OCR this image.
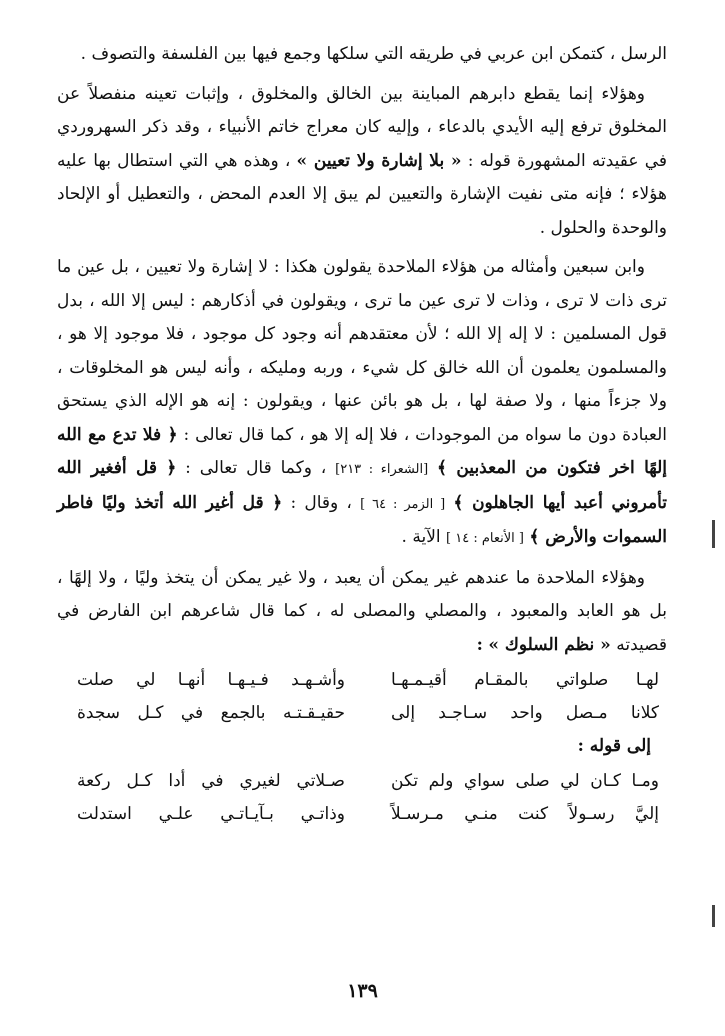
الرسل ، كتمكن ابن عربي في طريقه التي سلكها وجمع فيها بين الفلسفة والتصوف .

وهؤلاء إنما يقطع دابرهم المباينة بين الخالق والمخلوق ، وإثبات تعينه منفصلاً عن المخلوق ترفع إليه الأيدي بالدعاء ، وإليه كان معراج خاتم الأنبياء ، وقد ذكر السهروردي في عقيدته المشهورة قوله : « بلا إشارة ولا تعيين » ، وهذه هي التي استطال بها عليه هؤلاء ؛ فإنه متى نفيت الإشارة والتعيين لم يبق إلا العدم المحض ، والتعطيل أو الإلحاد والوحدة والحلول .

وابن سبعين وأمثاله من هؤلاء الملاحدة يقولون هكذا : لا إشارة ولا تعيين ، بل عين ما ترى ذات لا ترى ، وذات لا ترى عين ما ترى ، ويقولون في أذكارهم : ليس إلا الله ، بدل قول المسلمين : لا إله إلا الله ؛ لأن معتقدهم أنه وجود كل موجود ، فلا موجود إلا هو ، والمسلمون يعلمون أن الله خالق كل شيء ، وربه ومليكه ، وأنه ليس هو المخلوقات ، ولا جزءاً منها ، ولا صفة لها ، بل هو بائن عنها ، ويقولون : إنه هو الإله الذي يستحق العبادة دون ما سواه من الموجودات ، فلا إله إلا هو ، كما قال تعالى : ﴿ فلا تدع مع الله إلهًا اخر فتكون من المعذبين ﴾ [الشعراء : ٢١٣] ، وكما قال تعالى : ﴿ قل أفغير الله تأمروني أعبد أيها الجاهلون ﴾ [ الزمر : ٦٤ ] ، وقال : ﴿ قل أغير الله أتخذ وليًا فاطر السموات والأرض ﴾ [ الأنعام : ١٤ ] الآية .

وهؤلاء الملاحدة ما عندهم غير يمكن أن يعبد ، ولا غير يمكن أن يتخذ وليًا ، ولا إلهًا ، بل هو العابد والمعبود ، والمصلي والمصلى له ، كما قال شاعرهم ابن الفارض في قصيدته « نظم السلوك » :

لهـا صلواتي بالمقـام أقيـمـهـا
وأشـهـد فـيـهـا أنهـا لي صلت
كلانا مـصل واحد سـاجـد إلى
حقيـقـتـه بالجمع في كـل سجدة
إلى قوله :
ومـا كـان لي صلى سواي ولم تكن
صـلاتي لغيري في أدا كـل ركعة
إليَّ رسـولاً كنت منـي مـرسـلاً
وذاتـي بـآيـاتـي علـي استدلت
١٣٩
